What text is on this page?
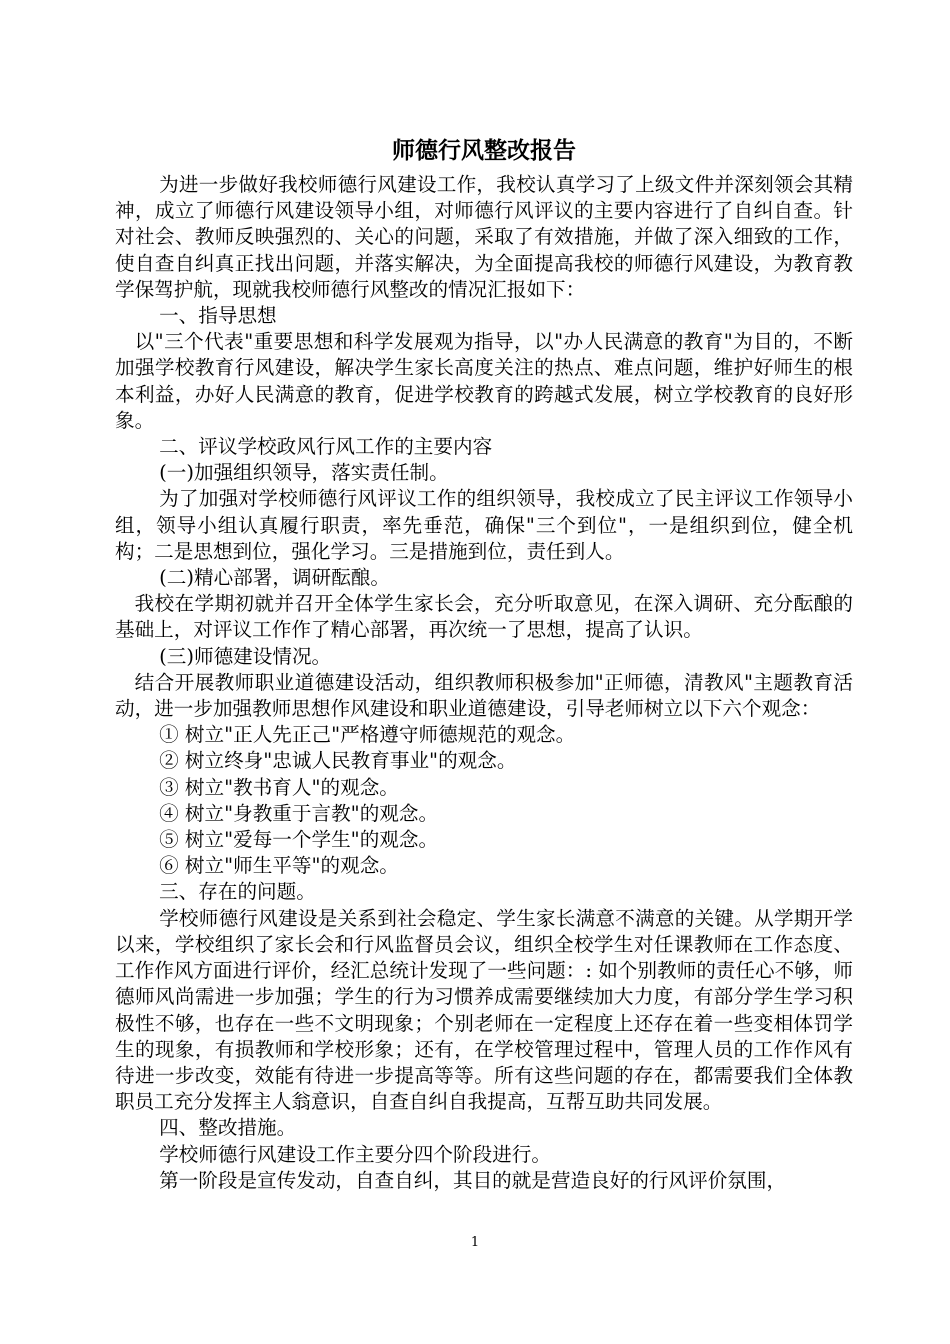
师德行风整改报告

为进一步做好我校师德行风建设工作，我校认真学习了上级文件并深刻领会其精神，成立了师德行风建设领导小组，对师德行风评议的主要内容进行了自纠自查。针对社会、教师反映强烈的、关心的问题，采取了有效措施，并做了深入细致的工作，使自查自纠真正找出问题，并落实解决，为全面提高我校的师德行风建设，为教育教学保驾护航，现就我校师德行风整改的情况汇报如下：

一、指导思想

以"三个代表"重要思想和科学发展观为指导，以"办人民满意的教育"为目的，不断加强学校教育行风建设，解决学生家长高度关注的热点、难点问题，维护好师生的根本利益，办好人民满意的教育，促进学校教育的跨越式发展，树立学校教育的良好形象。

二、评议学校政风行风工作的主要内容

(一)加强组织领导，落实责任制。

为了加强对学校师德行风评议工作的组织领导，我校成立了民主评议工作领导小组，领导小组认真履行职责，率先垂范，确保"三个到位"，一是组织到位，健全机构；二是思想到位，强化学习。三是措施到位，责任到人。

(二)精心部署，调研酝酿。

我校在学期初就并召开全体学生家长会，充分听取意见，在深入调研、充分酝酿的基础上，对评议工作作了精心部署，再次统一了思想，提高了认识。

(三)师德建设情况。

结合开展教师职业道德建设活动，组织教师积极参加"正师德，清教风"主题教育活动，进一步加强教师思想作风建设和职业道德建设，引导老师树立以下六个观念：

① 树立"正人先正己"严格遵守师德规范的观念。

② 树立终身"忠诚人民教育事业"的观念。

③ 树立"教书育人"的观念。

④ 树立"身教重于言教"的观念。

⑤ 树立"爱每一个学生"的观念。

⑥ 树立"师生平等"的观念。

三、存在的问题。

学校师德行风建设是关系到社会稳定、学生家长满意不满意的关键。从学期开学以来，学校组织了家长会和行风监督员会议，组织全校学生对任课教师在工作态度、工作作风方面进行评价，经汇总统计发现了一些问题：: 如个别教师的责任心不够，师德师风尚需进一步加强；学生的行为习惯养成需要继续加大力度，有部分学生学习积极性不够，也存在一些不文明现象；个别老师在一定程度上还存在着一些变相体罚学生的现象，有损教师和学校形象；还有，在学校管理过程中，管理人员的工作作风有待进一步改变，效能有待进一步提高等等。所有这些问题的存在，都需要我们全体教职员工充分发挥主人翁意识，自查自纠自我提高，互帮互助共同发展。

四、整改措施。

学校师德行风建设工作主要分四个阶段进行。

第一阶段是宣传发动，自查自纠，其目的就是营造良好的行风评价氛围，

1
